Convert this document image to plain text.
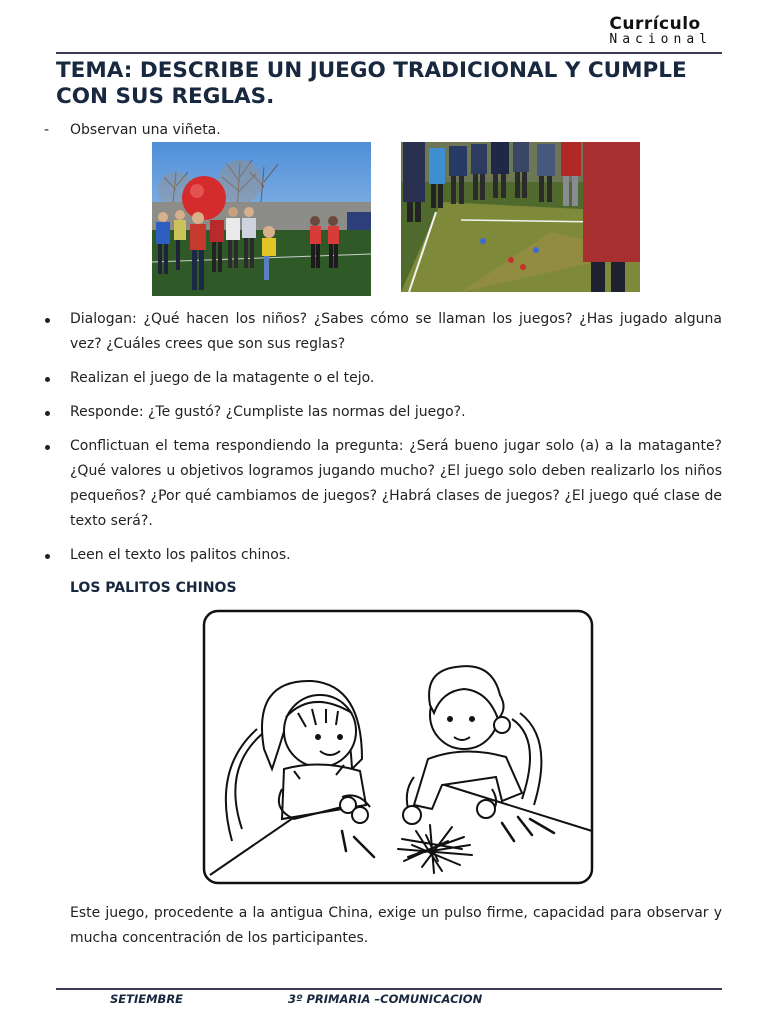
Currículo
Nacional
TEMA: DESCRIBE UN JUEGO TRADICIONAL Y CUMPLE CON SUS REGLAS.
-	Observan una viñeta.
Dialogan: ¿Qué hacen los niños? ¿Sabes cómo se llaman los juegos? ¿Has jugado alguna vez? ¿Cuáles crees que son sus reglas?
Realizan el juego de la matagente o el tejo.
Responde: ¿Te gustó? ¿Cumpliste las normas del juego?.
Conflictuan el tema respondiendo la pregunta: ¿Será bueno jugar solo (a) a la matagante? ¿Qué valores u objetivos logramos jugando mucho? ¿El juego solo deben realizarlo los niños pequeños? ¿Por qué cambiamos de juegos? ¿Habrá clases de juegos? ¿El juego qué clase de texto será?.
Leen el texto los palitos chinos.
LOS PALITOS CHINOS
Este juego, procedente a la antigua China, exige un pulso firme, capacidad para observar y mucha concentración de los participantes.
SETIEMBRE	3º PRIMARIA –COMUNICACION
